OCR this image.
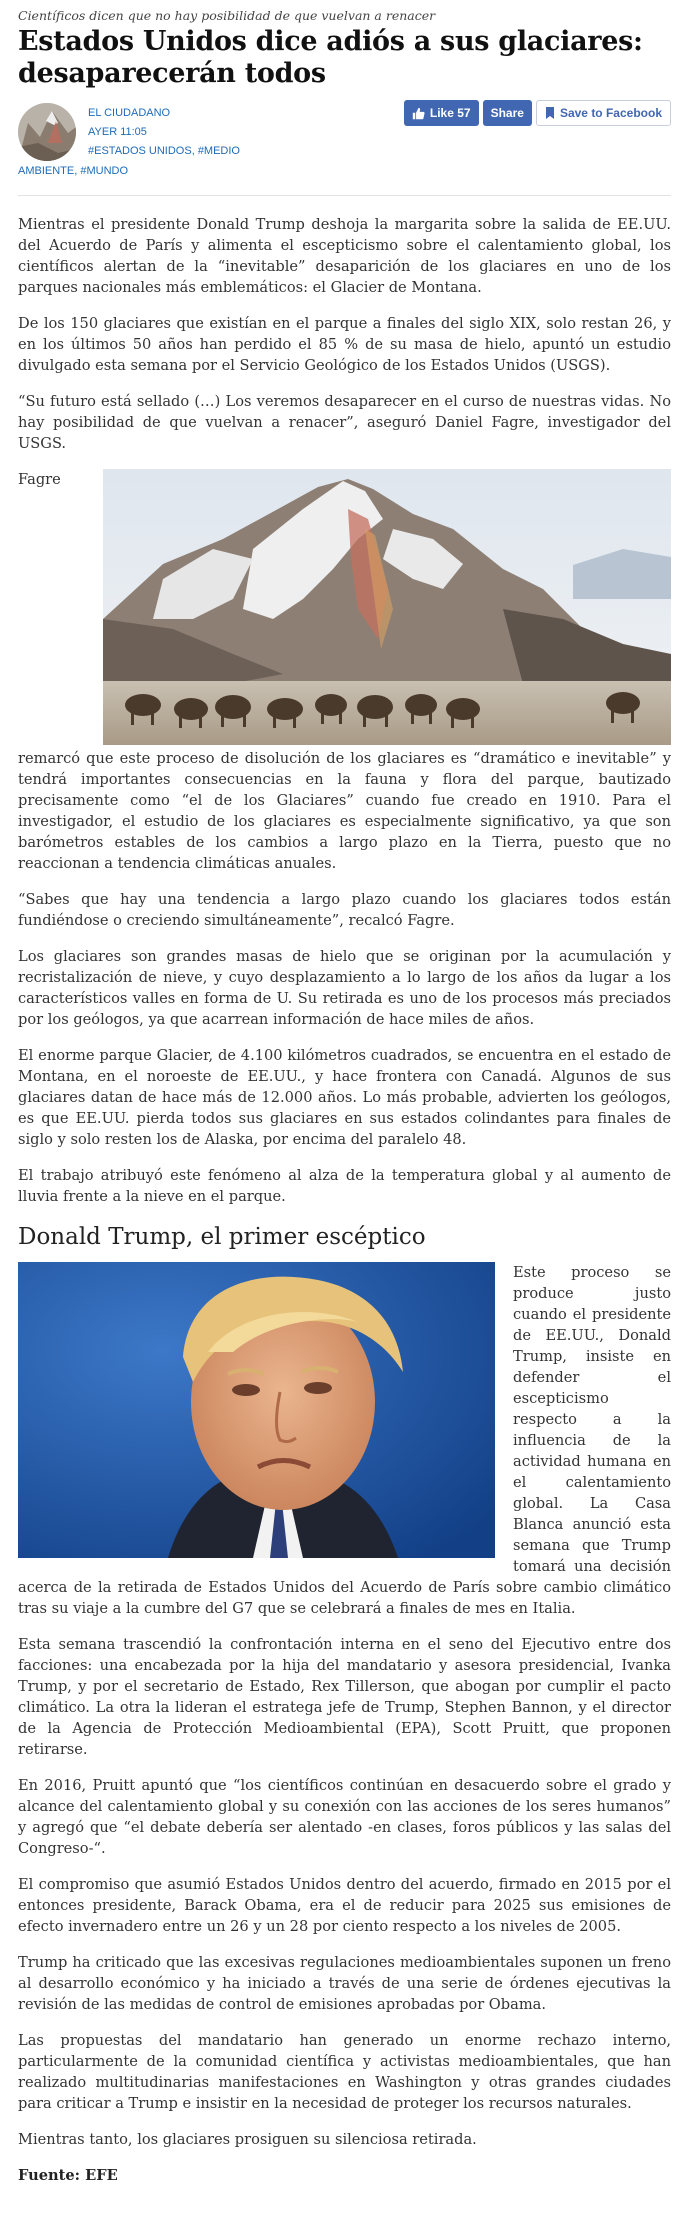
Científicos dicen que no hay posibilidad de que vuelvan a renacer
Estados Unidos dice adiós a sus glaciares: desaparecerán todos
EL CIUDADANO
AYER 11:05
#ESTADOS UNIDOS, #MEDIO
AMBIENTE, #MUNDO
Like
57	Share	Save to Facebook

Mientras el presidente Donald Trump deshoja la margarita sobre la salida de EE.UU. del Acuerdo de París y alimenta el escepticismo sobre el calentamiento global, los científicos alertan de la “inevitable” desaparición de los glaciares en uno de los parques nacionales más emblemáticos: el Glacier de Montana.

De los 150 glaciares que existían en el parque a finales del siglo XIX, solo restan 26, y en los últimos 50 años han perdido el 85 % de su masa de hielo, apuntó un estudio divulgado esta semana por el Servicio Geológico de los Estados Unidos (USGS).

“Su futuro está sellado (…) Los veremos desaparecer en el curso de nuestras vidas. No hay posibilidad de que vuelvan a renacer”, aseguró Daniel Fagre, investigador del USGS.

Fagre

remarcó que este proceso de disolución de los glaciares es “dramático e inevitable” y tendrá importantes consecuencias en la fauna y flora del parque, bautizado precisamente como “el de los Glaciares” cuando fue creado en 1910. Para el investigador, el estudio de los glaciares es especialmente significativo, ya que son barómetros estables de los cambios a largo plazo en la Tierra, puesto que no reaccionan a tendencia climáticas anuales.

“Sabes que hay una tendencia a largo plazo cuando los glaciares todos están fundiéndose o creciendo simultáneamente”, recalcó Fagre.

Los glaciares son grandes masas de hielo que se originan por la acumulación y recristalización de nieve, y cuyo desplazamiento a lo largo de los años da lugar a los característicos valles en forma de U. Su retirada es uno de los procesos más preciados por los geólogos, ya que acarrean información de hace miles de años.

El enorme parque Glacier, de 4.100 kilómetros cuadrados, se encuentra en el estado de Montana, en el noroeste de EE.UU., y hace frontera con Canadá. Algunos de sus glaciares datan de hace más de 12.000 años. Lo más probable, advierten los geólogos, es que EE.UU. pierda todos sus glaciares en sus estados colindantes para finales de siglo y solo resten los de Alaska, por encima del paralelo 48.

El trabajo atribuyó este fenómeno al alza de la temperatura global y al aumento de lluvia frente a la nieve en el parque.

Donald Trump, el primer escéptico

Este proceso se produce justo cuando el presidente de EE.UU., Donald Trump, insiste en defender el escepticismo respecto a la influencia de la actividad humana en el calentamiento global. La Casa Blanca anunció esta semana que Trump tomará una decisión acerca de la retirada de Estados Unidos del Acuerdo de París sobre cambio climático tras su viaje a la cumbre del G7 que se celebrará a finales de mes en Italia.

Esta semana trascendió la confrontación interna en el seno del Ejecutivo entre dos facciones: una encabezada por la hija del mandatario y asesora presidencial, Ivanka Trump, y por el secretario de Estado, Rex Tillerson, que abogan por cumplir el pacto climático. La otra la lideran el estratega jefe de Trump, Stephen Bannon, y el director de la Agencia de Protección Medioambiental (EPA), Scott Pruitt, que proponen retirarse.

En 2016, Pruitt apuntó que “los científicos continúan en desacuerdo sobre el grado y alcance del calentamiento global y su conexión con las acciones de los seres humanos” y agregó que “el debate debería ser alentado -en clases, foros públicos y las salas del Congreso-“.

El compromiso que asumió Estados Unidos dentro del acuerdo, firmado en 2015 por el entonces presidente, Barack Obama, era el de reducir para 2025 sus emisiones de efecto invernadero entre un 26 y un 28 por ciento respecto a los niveles de 2005.

Trump ha criticado que las excesivas regulaciones medioambientales suponen un freno al desarrollo económico y ha iniciado a través de una serie de órdenes ejecutivas la revisión de las medidas de control de emisiones aprobadas por Obama.

Las propuestas del mandatario han generado un enorme rechazo interno, particularmente de la comunidad científica y activistas medioambientales, que han realizado multitudinarias manifestaciones en Washington y otras grandes ciudades para criticar a Trump e insistir en la necesidad de proteger los recursos naturales.

Mientras tanto, los glaciares prosiguen su silenciosa retirada.

Fuente: EFE
